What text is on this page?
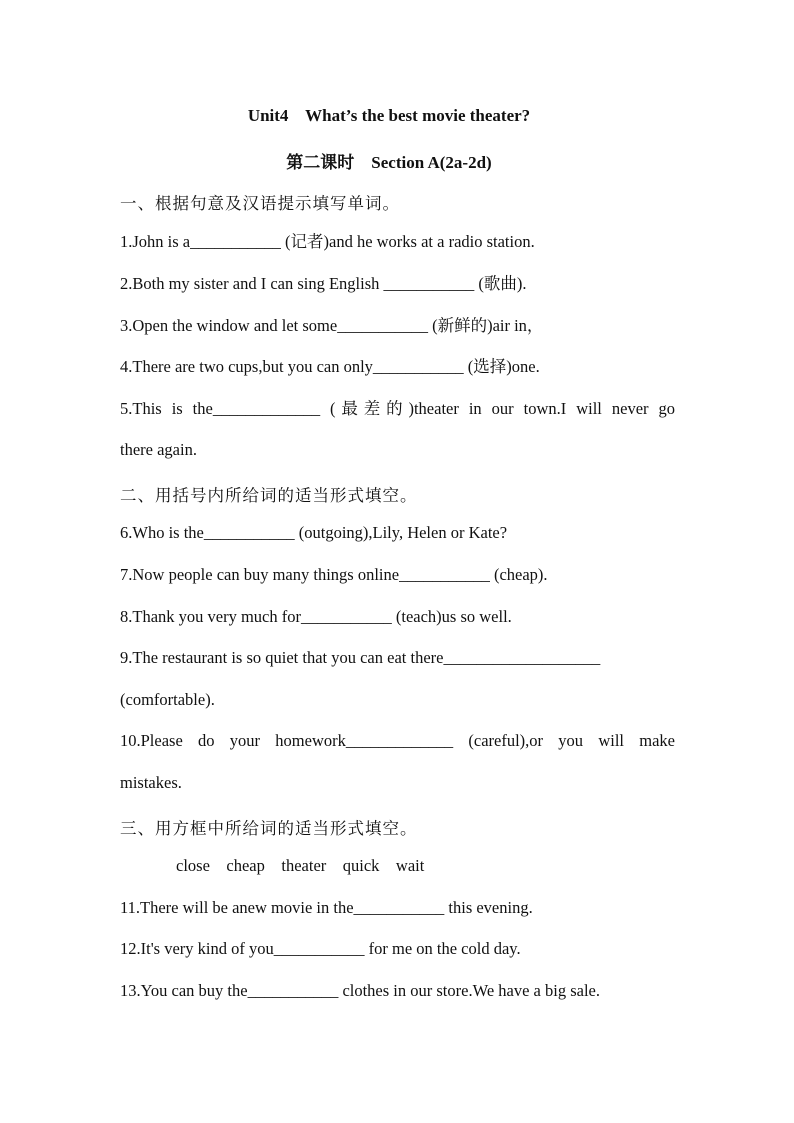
Unit4    What’s the best movie theater?
第二课时    Section A(2a-2d)
一、根据句意及汉语提示填写单词。
1.John is a___________ (记者)and he works at a radio station.
2.Both my sister and I can sing English ___________ (歌曲).
3.Open the window and let some___________ (新鲜的)air in，
4.There are two cups,but you can only___________ (选择)one.
5.This is the_____________ (最差的)theater in our town.I will never go
there again.
二、用括号内所给词的适当形式填空。
6.Who is the___________ (outgoing),Lily, Helen or Kate?
7.Now people can buy many things online___________ (cheap).
8.Thank you very much for___________ (teach)us so well.
9.The restaurant is so quiet that you can eat there___________________
(comfortable).
10.Please do your homework_____________ (careful),or you will make
mistakes.
三、用方框中所给词的适当形式填空。
close    cheap    theater    quick    wait
11.There will be anew movie in the___________ this evening.
12.It's very kind of you___________ for me on the cold day.
13.You can buy the___________ clothes in our store.We have a big sale.
